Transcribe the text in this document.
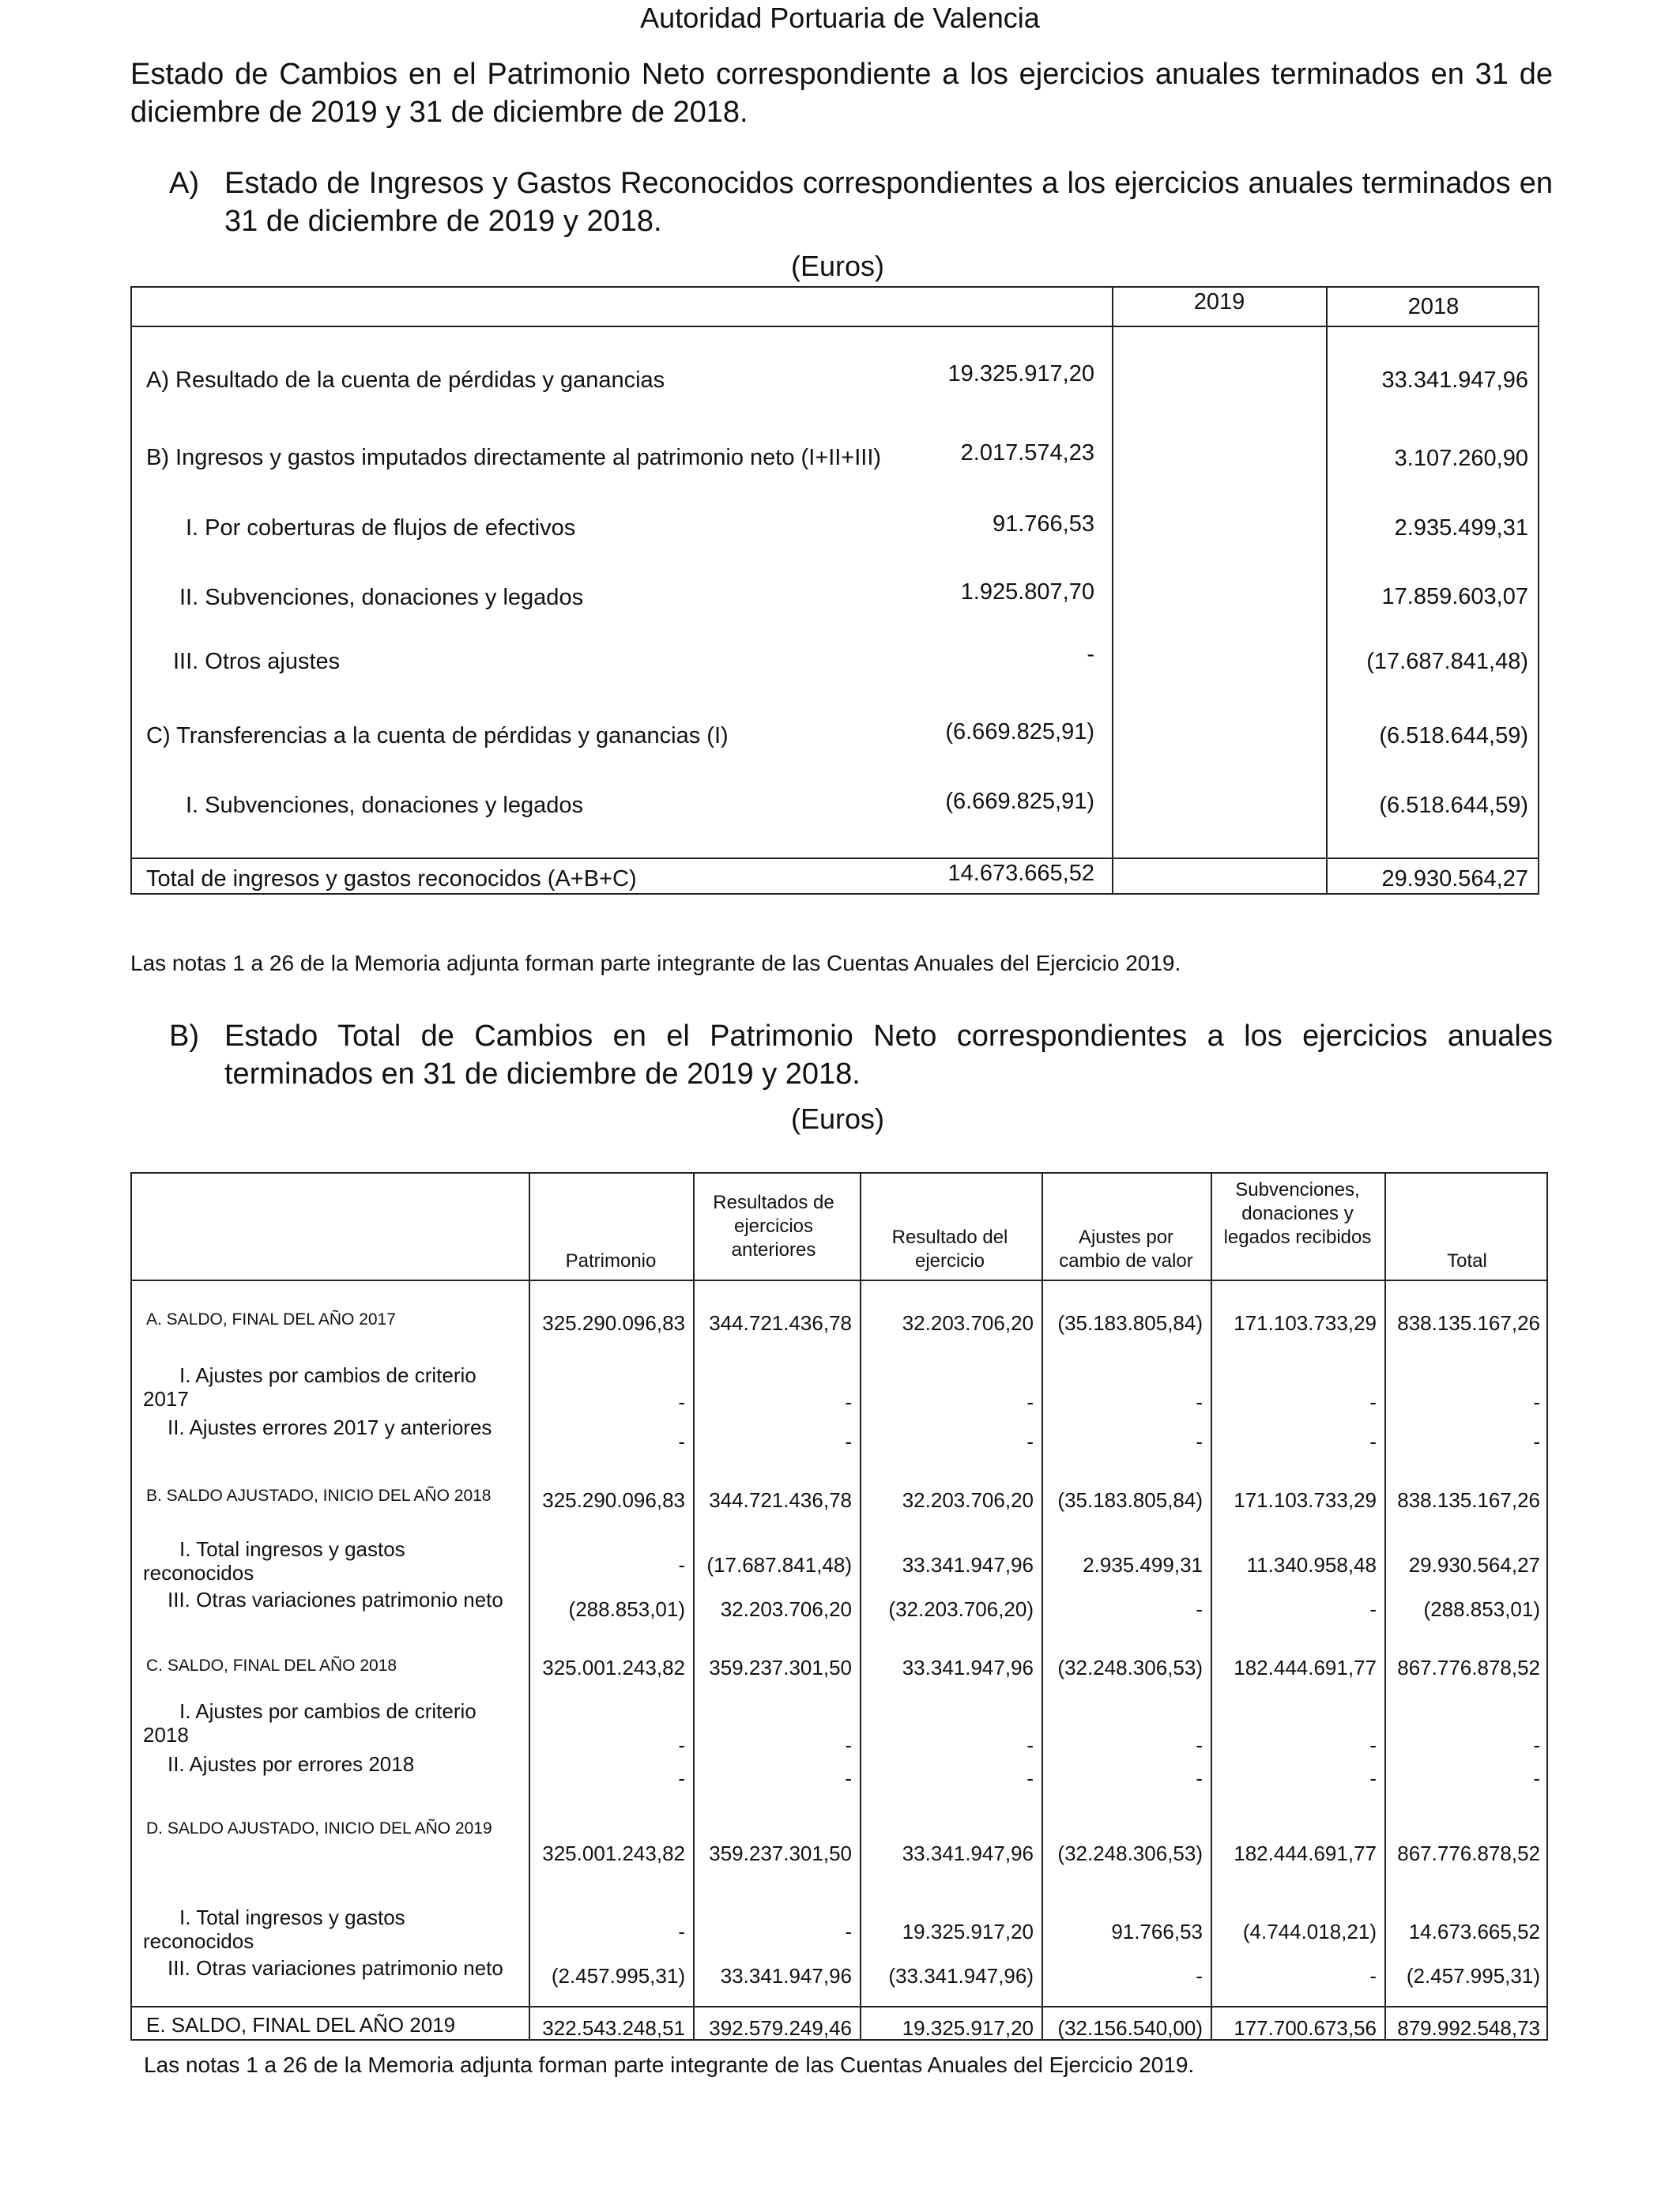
Autoridad Portuaria de Valencia
Estado de Cambios en el Patrimonio Neto correspondiente a los ejercicios anuales terminados en 31 de diciembre de 2019 y 31 de diciembre de 2018.
A) Estado de Ingresos y Gastos Reconocidos correspondientes a los ejercicios anuales terminados en 31 de diciembre de 2019 y 2018.
(Euros)
2019	2018
A) Resultado de la cuenta de pérdidas y ganancias	19.325.917,20	33.341.947,96
B) Ingresos y gastos imputados directamente al patrimonio neto (I+II+III)	2.017.574,23	3.107.260,90
I. Por coberturas de flujos de efectivos	91.766,53	2.935.499,31
II. Subvenciones, donaciones y legados	1.925.807,70	17.859.603,07
III. Otros ajustes	-	(17.687.841,48)
C) Transferencias a la cuenta de pérdidas y ganancias (I)	(6.669.825,91)	(6.518.644,59)
I. Subvenciones, donaciones y legados	(6.669.825,91)	(6.518.644,59)
Total de ingresos y gastos reconocidos (A+B+C)	14.673.665,52	29.930.564,27
Las notas 1 a 26 de la Memoria adjunta forman parte integrante de las Cuentas Anuales del Ejercicio 2019.
B) Estado Total de Cambios en el Patrimonio Neto correspondientes a los ejercicios anuales terminados en 31 de diciembre de 2019 y 2018.
(Euros)
Patrimonio
Resultados de ejercicios anteriores
Resultado del ejercicio
Ajustes por cambio de valor
Subvenciones, donaciones y legados recibidos
Total
A. SALDO, FINAL DEL AÑO 2017	325.290.096,83 344.721.436,78 32.203.706,20 (35.183.805,84) 171.103.733,29 838.135.167,26
I. Ajustes por cambios de criterio 2017	-	-	-	-	-	-
II. Ajustes errores 2017 y anteriores
-	-	-	-	-	-
B. SALDO AJUSTADO, INICIO DEL AÑO 2018	325.290.096,83 344.721.436,78 32.203.706,20 (35.183.805,84) 171.103.733,29 838.135.167,26
I. Total ingresos y gastos reconocidos	- (17.687.841,48) 33.341.947,96 2.935.499,31 11.340.958,48 29.930.564,27
III. Otras variaciones patrimonio neto	(288.853,01) 32.203.706,20 (32.203.706,20)	-	- (288.853,01)
C. SALDO, FINAL DEL AÑO 2018	325.001.243,82 359.237.301,50 33.341.947,96 (32.248.306,53) 182.444.691,77 867.776.878,52
I. Ajustes por cambios de criterio 2018	-	-	-	-	-	-
II. Ajustes por errores 2018
-	-	-	-	-	-
D. SALDO AJUSTADO, INICIO DEL AÑO 2019
325.001.243,82 359.237.301,50 33.341.947,96 (32.248.306,53) 182.444.691,77 867.776.878,52
I. Total ingresos y gastos reconocidos	-	- 19.325.917,20	91.766,53 (4.744.018,21) 14.673.665,52
III. Otras variaciones patrimonio neto	(2.457.995,31) 33.341.947,96 (33.341.947,96)	-	- (2.457.995,31)
E. SALDO, FINAL DEL AÑO 2019	322.543.248,51 392.579.249,46 19.325.917,20 (32.156.540,00) 177.700.673,56 879.992.548,73
Las notas 1 a 26 de la Memoria adjunta forman parte integrante de las Cuentas Anuales del Ejercicio 2019.
